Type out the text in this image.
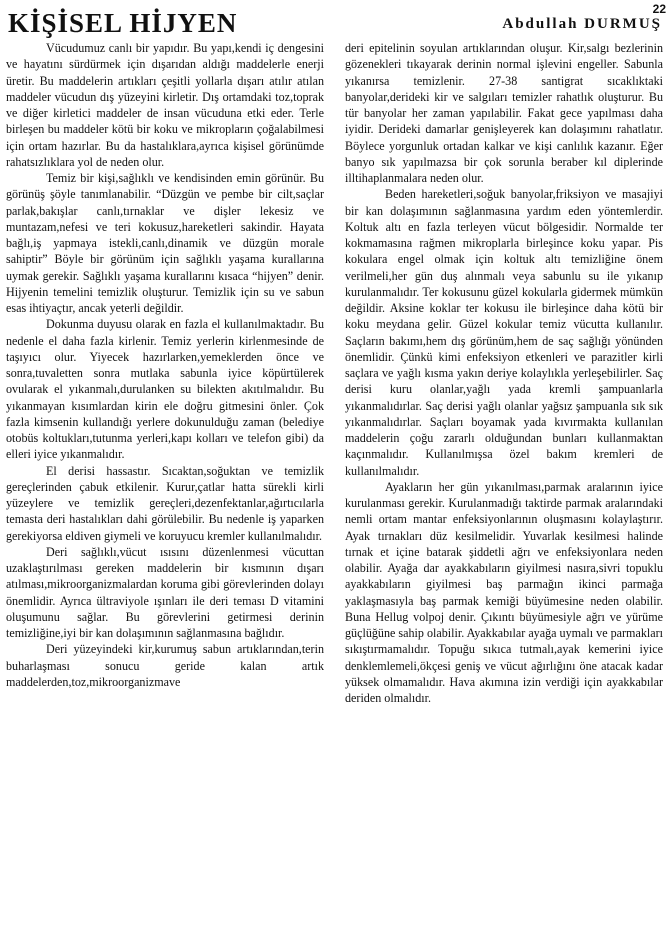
KİŞİSEL HİJYEN	Abdullah DURMUŞ
22

Vücudumuz canlı bir yapıdır. Bu yapı,kendi iç dengesini ve hayatını sürdürmek için dışarıdan aldığı maddelerle enerji üretir. Bu maddelerin artıkları çeşitli yollarla dışarı atılır atılan maddeler vücudun dış yüzeyini kirletir. Dış ortamdaki toz,toprak ve diğer kirletici maddeler de insan vücuduna etki eder. Terle birleşen bu maddeler kötü bir koku ve mikropların çoğalabilmesi için ortam hazırlar. Bu da hastalıklara,ayrıca kişisel görünümde rahatsızlıklara yol de neden olur.

Temiz bir kişi,sağlıklı ve kendisinden emin görünür. Bu görünüş şöyle tanımlanabilir. “Düzgün ve pembe bir cilt,saçlar parlak,bakışlar canlı,tırnaklar ve dişler lekesiz ve muntazam,nefesi ve teri kokusuz,hareketleri sakindir. Hayata bağlı,iş yapmaya istekli,canlı,dinamik ve düzgün morale sahiptir” Böyle bir görünüm için sağlıklı yaşama kurallarına uymak gerekir. Sağlıklı yaşama kurallarını kısaca “hijyen” denir. Hijyenin temelini temizlik oluşturur. Temizlik için su ve sabun esas ihtiyaçtır, ancak yeterli değildir.

Dokunma duyusu olarak en fazla el kullanılmaktadır. Bu nedenle el daha fazla kirlenir. Temiz yerlerin kirlenmesinde de taşıyıcı olur. Yiyecek hazırlarken,yemeklerden önce ve sonra,tuvaletten sonra mutlaka sabunla iyice köpürtülerek ovularak el yıkanmalı,durulanken su bilekten akıtılmalıdır. Bu yıkanmayan kısımlardan kirin ele doğru gitmesini önler. Çok fazla kimsenin kullandığı yerlere dokunulduğu zaman (belediye otobüs koltukları,tutunma yerleri,kapı kolları ve telefon gibi) da elleri iyice yıkanmalıdır.

El derisi hassastır. Sıcaktan,soğuktan ve temizlik gereçlerinden çabuk etkilenir. Kurur,çatlar hatta sürekli kirli yüzeylere ve temizlik gereçleri,dezenfektanlar,ağırtıcılarla temasta deri hastalıkları dahi görülebilir. Bu nedenle iş yaparken gerekiyorsa eldiven giymeli ve koruyucu kremler kullanılmalıdır.

Deri sağlıklı,vücut ısısını düzenlenmesi vücuttan uzaklaştırılması gereken maddelerin bir kısmının dışarı atılması,mikroorganizmalardan koruma gibi görevlerinden dolayı önemlidir. Ayrıca ültraviyole ışınları ile deri teması D vitamini oluşumunu sağlar. Bu görevlerini getirmesi derinin temizliğine,iyi bir kan dolaşımının sağlanmasına bağlıdır.

Deri yüzeyindeki kir,kurumuş sabun artıklarından,terin buharlaşması sonucu geride kalan artık maddelerden,toz,mikroorganizmave

deri epitelinin soyulan artıklarından oluşur. Kir,salgı bezlerinin gözenekleri tıkayarak derinin normal işlevini engeller. Sabunla yıkanırsa temizlenir. 27-38 santigrat sıcaklıktaki banyolar,derideki kir ve salgıları temizler rahatlık oluşturur. Bu tür banyolar her zaman yapılabilir. Fakat gece yapılması daha iyidir. Derideki damarlar genişleyerek kan dolaşımını rahatlatır. Böylece yorgunluk ortadan kalkar ve kişi canlılık kazanır. Eğer banyo sık yapılmazsa bir çok sorunla beraber kıl diplerinde illtihaplanmalara neden olur.

Beden hareketleri,soğuk banyolar,friksiyon ve masajiyi bir kan dolaşımının sağlanmasına yardım eden yöntemlerdir. Koltuk altı en fazla terleyen vücut bölgesidir. Normalde ter kokmamasına rağmen mikroplarla birleşince koku yapar. Pis kokulara engel olmak için koltuk altı temizliğine önem verilmeli,her gün duş alınmalı veya sabunlu su ile yıkanıp kurulanmalıdır. Ter kokusunu güzel kokularla gidermek mümkün değildir. Aksine koklar ter kokusu ile birleşince daha kötü bir koku meydana gelir. Güzel kokular temiz vücutta kullanılır. Saçların bakımı,hem dış görünüm,hem de saç sağlığı yönünden önemlidir. Çünkü kimi enfeksiyon etkenleri ve parazitler kirli saçlara ve yağlı kısma yakın deriye kolaylıkla yerleşebilirler. Saç derisi kuru olanlar,yağlı yada kremli şampuanlarla yıkanmalıdırlar. Saç derisi yağlı olanlar yağsız şampuanla sık sık yıkanmalıdırlar. Saçları boyamak yada kıvırmakta kullanılan maddelerin çoğu zararlı olduğundan bunları kullanmaktan kaçınmalıdır. Kullanılmışsa özel bakım kremleri de kullanılmalıdır.

Ayakların her gün yıkanılması,parmak aralarının iyice kurulanması gerekir. Kurulanmadığı taktirde parmak aralarındaki nemli ortam mantar enfeksiyonlarının oluşmasını kolaylaştırır. Ayak tırnakları düz kesilmelidir. Yuvarlak kesilmesi halinde tırnak et içine batarak şiddetli ağrı ve enfeksiyonlara neden olabilir. Ayağa dar ayakkabıların giyilmesi nasıra,sivri topuklu ayakkabıların giyilmesi baş parmağın ikinci parmağa yaklaşmasıyla baş parmak kemiği büyümesine neden olabilir. Buna Hellug volpoj denir. Çıkıntı büyümesiyle ağrı ve yürüme güçlüğüne sahip olabilir. Ayakkabılar ayağa uymalı ve parmakları sıkıştırmamalıdır. Topuğu sıkıca tutmalı,ayak kemerini iyice denklemlemeli,ökçesi geniş ve vücut ağırlığını öne atacak kadar yüksek olmamalıdır. Hava akımına izin verdiği için ayakkabılar deriden olmalıdır.
